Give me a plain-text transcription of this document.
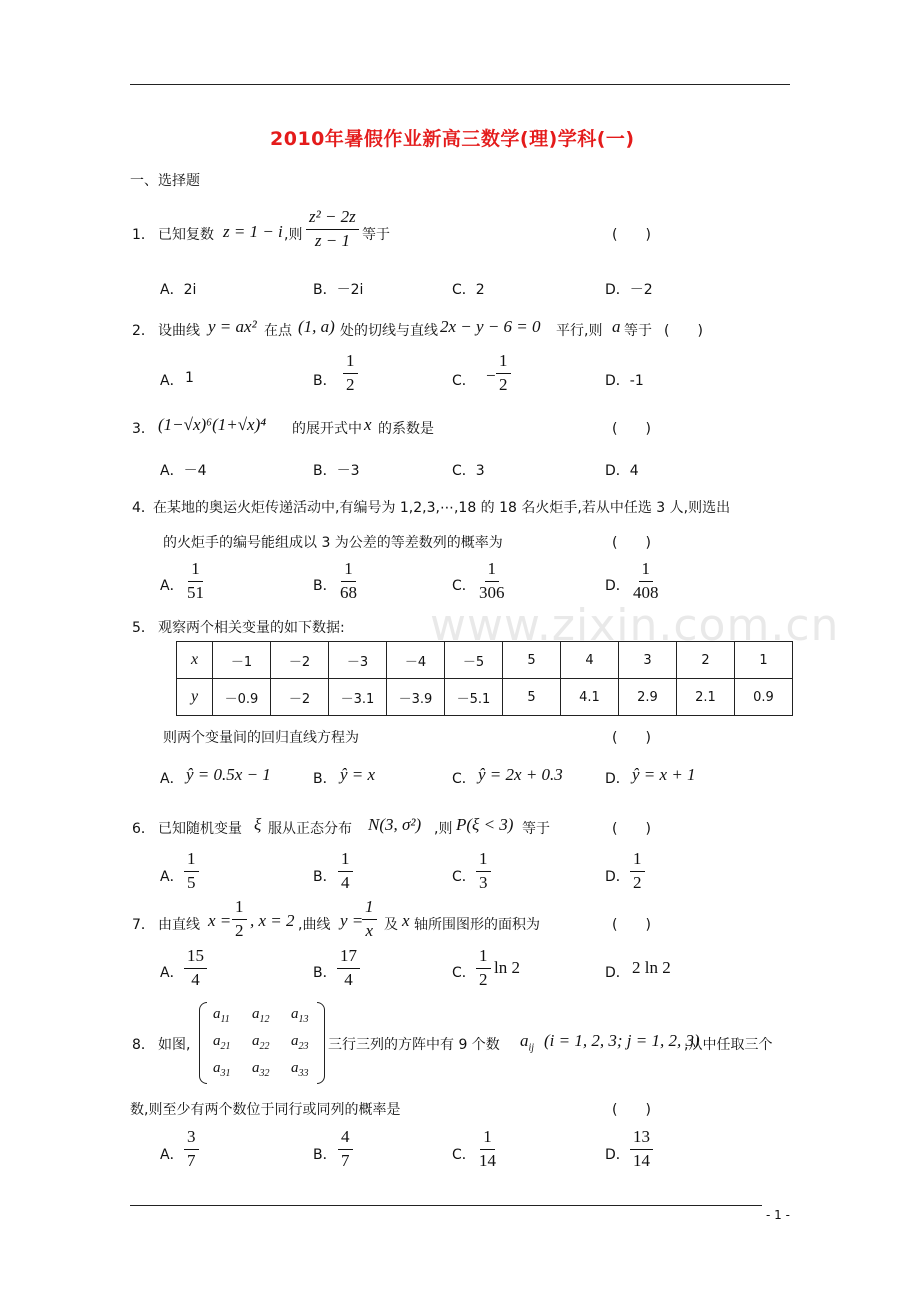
www.zixin.com.cn
2010年暑假作业新高三数学(理)学科(一)
一、选择题
1． 已知复数 z = 1 − i ,则 $\frac{\text{z² − 2z}}{z - 1}$ 等于	(　　)
A．2i	B．－2i	C．2	D．－2
2． 设曲线 y = ax² 在点 (1, a) 处的切线与直线 2x − y − 6 = 0 平行,则 a 等于 (　　)
A． 1	B． $\frac{1}{2}$	C． − $\frac{1}{2}$	D．-1
3． (1−√x)⁶(1+√x)⁴ 的展开式中 x 的系数是	(　　)
A．－4	B．－3	C．3	D．4
4．
在某地的奥运火炬传递活动中,有编号为 1,2,3,⋯,18 的 18 名火炬手,若从中任选 3 人,则选出
的火炬手的编号能组成以 3 为公差的等差数列的概率为	(　　)
A． $\frac{1}{51}$	B． $\frac{1}{68}$	C． $\frac{1}{306}$	D． $\frac{1}{408}$
5． 观察两个相关变量的如下数据:
x	－1	－2	－3	－4	－5	5	4	3	2	1
y	－0.9	－2	－3.1	－3.9	－5.1	5	4.1	2.9	2.1	0.9
则两个变量间的回归直线方程为	(　　)
A． ŷ = 0.5x − 1	B． ŷ = x	C． ŷ = 2x + 0.3	D． ŷ = x + 1
6． 已知随机变量 ξ 服从正态分布 N(3, σ²) ,则 P(ξ < 3) 等于	(　　)
A． $\frac{1}{5}$	B． $\frac{1}{4}$	C． $\frac{1}{3}$	D． $\frac{1}{2}$
7． 由直线 $x = \frac{1}{2}$ , x = 2 ,曲线 y =
$\frac{1}{x}$ 及 x 轴所围图形的面积为	(　　)
A． $\frac{15}{4}$	B． $\frac{17}{4}$	C． $\frac{1}{2}$ ln 2	D． 2 ln 2
8． 如图,
$a_{11}$ $a_{12}$ $a_{13}$
$a_{21}$ $a_{22}$ $a_{23}$
$a_{31}$ $a_{32}$ $a_{33}$
三行三列的方阵中有 9 个数 $a_{ij}$ (i = 1, 2, 3; j = 1, 2, 3)
,从中任取三个
数,则至少有两个数位于同行或同列的概率是	(　　)
A． $\frac{3}{7}$	B． $\frac{4}{7}$	C． $\frac{1}{14}$	D． $\frac{13}{14}$
- 1 -
